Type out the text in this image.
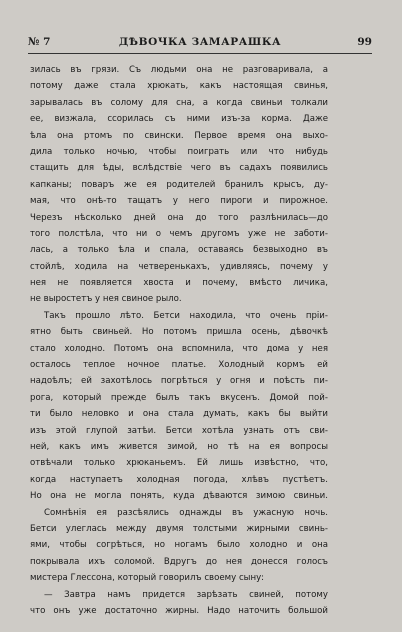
№ 7	ДѢВОЧКА ЗАМАРАШКА	99
зилась въ грязи. Съ людьми она не разговаривала, а
потому даже стала хрюкать, какъ настоящая свинья,
зарывалась въ солому для сна, а когда свиньи толкали
ее, визжала, ссорилась съ ними изъ-за корма. Даже
ѣла она ртомъ по свински. Первое время она выхо-
дила только ночью, чтобы поиграть или что нибудь
стащить для ѣды, вслѣдствіе чего въ садахъ появились
капканы; поваръ же ея родителей бранилъ крысъ, ду-
мая, что онѣ-то тащатъ у него пироги и пирожное.
Черезъ нѣсколько дней она до того разлѣнилась—до
того полстѣла, что ни о чемъ другомъ уже не заботи-
лась, а только ѣла и спала, оставаясь безвыходно въ
стойлѣ, ходила на четверенькахъ, удивляясь, почему у
нея не появляется хвоста и почему, вмѣсто личика,
не выростетъ у нея свиное рыло.
Такъ прошло лѣто. Бетси находила, что очень пріи-
ятно быть свиньей. Но потомъ пришла осень, дѣвочкѣ
стало холодно. Потомъ она вспомнила, что дома у нея
осталось теплое ночное платье. Холодный кормъ ей
надоѣлъ; ей захотѣлось погрѣться у огня и поѣсть пи-
рога, который прежде былъ такъ вкусенъ. Домой пой-
ти было неловко и она стала думать, какъ бы выйти
изъ этой глупой затѣи. Бетси хотѣла узнать отъ сви-
ней, какъ имъ живется зимой, но тѣ на ея вопросы
отвѣчали только хрюканьемъ. Ей лишь извѣстно, что,
когда наступаетъ холодная погода, хлѣвъ пустѣетъ.
Но она не могла понять, куда дѣваются зимою свиньи.
Сомнѣнія ея разсѣялись однажды въ ужасную ночь.
Бетси улеглась между двумя толстыми жирными свинь-
ями, чтобы согрѣться, но ногамъ было холодно и она
покрывала ихъ соломой. Вдругъ до нея донесся голосъ
мистера Глессона, который говорилъ своему сыну:
— Завтра намъ придется зарѣзать свиней, потому
что онъ уже достаточно жирны. Надо наточить большой
